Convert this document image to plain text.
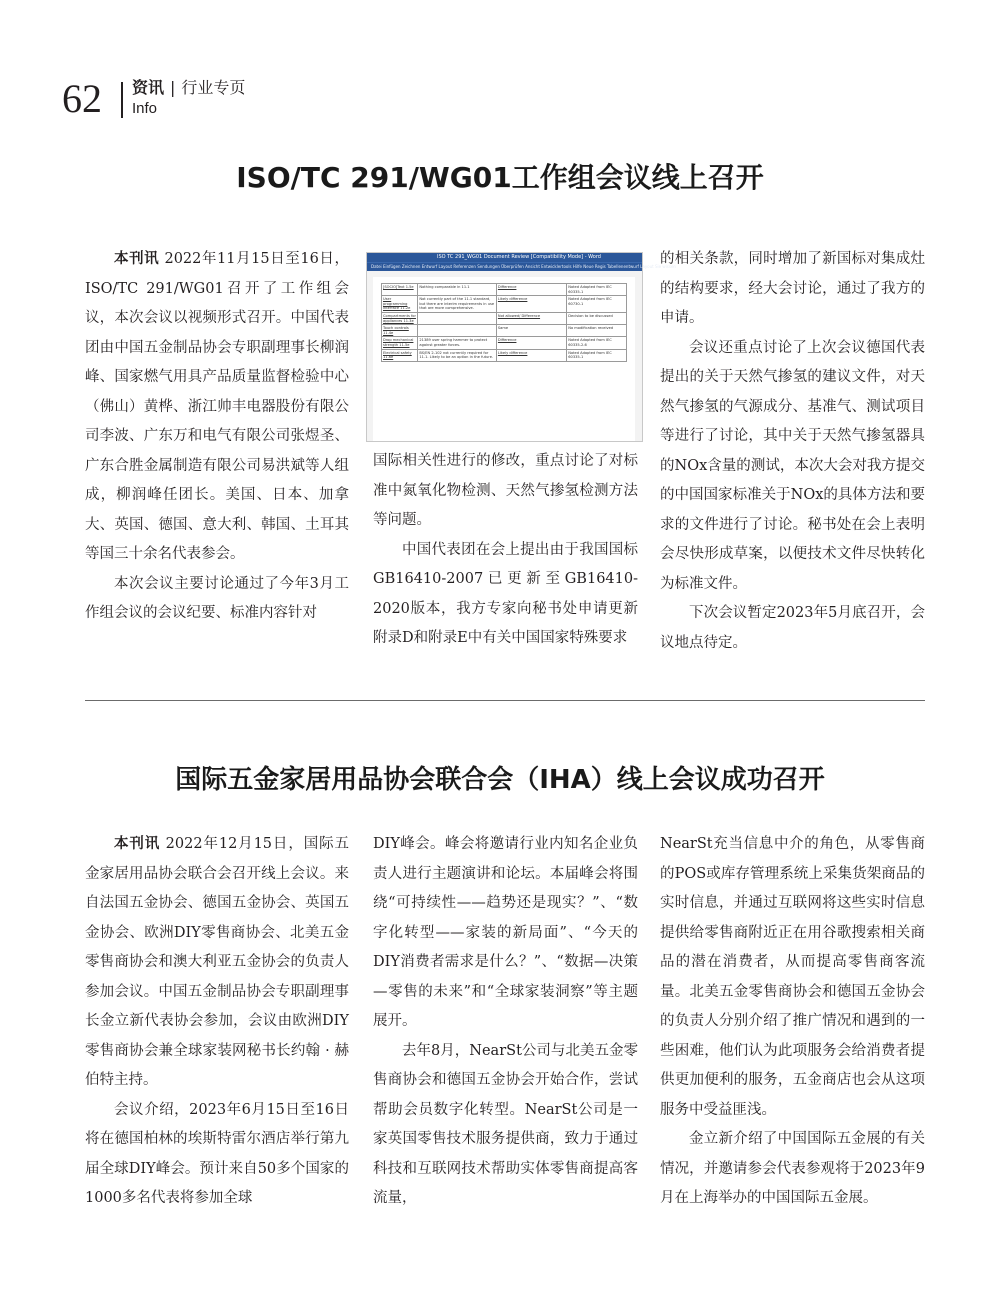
62 资讯 | 行业专页
Info
ISO/TC 291/WG01工作组会议线上召开

本刊讯 2022年11月15日至16日，ISO/TC 291/WG01召开了工作组会议，本次会议以视频形式召开。中国代表团由中国五金制品协会专职副理事长柳润峰、国家燃气用具产品质量监督检验中心（佛山）黄桦、浙江帅丰电器股份有限公司李波、广东万和电气有限公司张煜圣、广东合胜金属制造有限公司易洪斌等人组成，柳润峰任团长。美国、日本、加拿大、英国、德国、意大利、韩国、土耳其等国三十余名代表参会。

本次会议主要讨论通过了今年3月工作组会议的会议纪要、标准内容针对

ISO TC 291_WG01 Document Review [Compatibility Mode] - Word
Datei Einfügen Zeichnen Entwurf Layout Referenzen Sendungen Überprüfen Ansicht Entwicklertools Hilfe Neue Regis Tabellenentwurf Layout Sie wissen
[SOCIO]Text 1.5e	Nothing comparable in 11.1	Difference	Noted Adapted from IEC 60335-1
User programming interface 11.2e	Not currently part of the 11.1 standard, but there are interim requirements in use that are more comprehensive.	Likely difference	Noted Adapted from IEC 60730-1
Compartments for appliances 11.3e		Not allowed/ Difference	Decision to be discussed
Touch controls 11.4e		Same	No modification received
Drop mechanical strength 11.5e	21389 user spring hammer to protect against greater forces.	Difference	Noted Adapted from IEC 60335-2-6
Electrical safety 11.6e	BS/EN 2-102 not currently required for 11.1. Likely to be an option in the future.	Likely difference	Noted Adapted from IEC 60335-1

国际相关性进行的修改，重点讨论了对标准中氮氧化物检测、天然气掺氢检测方法等问题。

中国代表团在会上提出由于我国国标GB16410-2007已更新至GB16410-2020版本，我方专家向秘书处申请更新附录D和附录E中有关中国国家特殊要求

的相关条款，同时增加了新国标对集成灶的结构要求，经大会讨论，通过了我方的申请。

会议还重点讨论了上次会议德国代表提出的关于天然气掺氢的建议文件，对天然气掺氢的气源成分、基准气、测试项目等进行了讨论，其中关于天然气掺氢器具的NOx含量的测试，本次大会对我方提交的中国国家标准关于NOx的具体方法和要求的文件进行了讨论。秘书处在会上表明会尽快形成草案，以便技术文件尽快转化为标准文件。

下次会议暂定2023年5月底召开，会议地点待定。

国际五金家居用品协会联合会（IHA）线上会议成功召开

本刊讯 2022年12月15日，国际五金家居用品协会联合会召开线上会议。来自法国五金协会、德国五金协会、英国五金协会、欧洲DIY零售商协会、北美五金零售商协会和澳大利亚五金协会的负责人参加会议。中国五金制品协会专职副理事长金立新代表协会参加，会议由欧洲DIY零售商协会兼全球家装网秘书长约翰 · 赫伯特主持。

会议介绍，2023年6月15日至16日将在德国柏林的埃斯特雷尔酒店举行第九届全球DIY峰会。预计来自50多个国家的1000多名代表将参加全球

DIY峰会。峰会将邀请行业内知名企业负责人进行主题演讲和论坛。本届峰会将围绕“可持续性——趋势还是现实？”、“数字化转型——家装的新局面”、“今天的DIY消费者需求是什么？”、“数据—决策—零售的未来”和“全球家装洞察”等主题展开。

去年8月，NearSt公司与北美五金零售商协会和德国五金协会开始合作，尝试帮助会员数字化转型。NearSt公司是一家英国零售技术服务提供商，致力于通过科技和互联网技术帮助实体零售商提高客流量，

NearSt充当信息中介的角色，从零售商的POS或库存管理系统上采集货架商品的实时信息，并通过互联网将这些实时信息提供给零售商附近正在用谷歌搜索相关商品的潜在消费者，从而提高零售商客流量。北美五金零售商协会和德国五金协会的负责人分别介绍了推广情况和遇到的一些困难，他们认为此项服务会给消费者提供更加便利的服务，五金商店也会从这项服务中受益匪浅。

金立新介绍了中国国际五金展的有关情况，并邀请参会代表参观将于2023年9月在上海举办的中国国际五金展。
